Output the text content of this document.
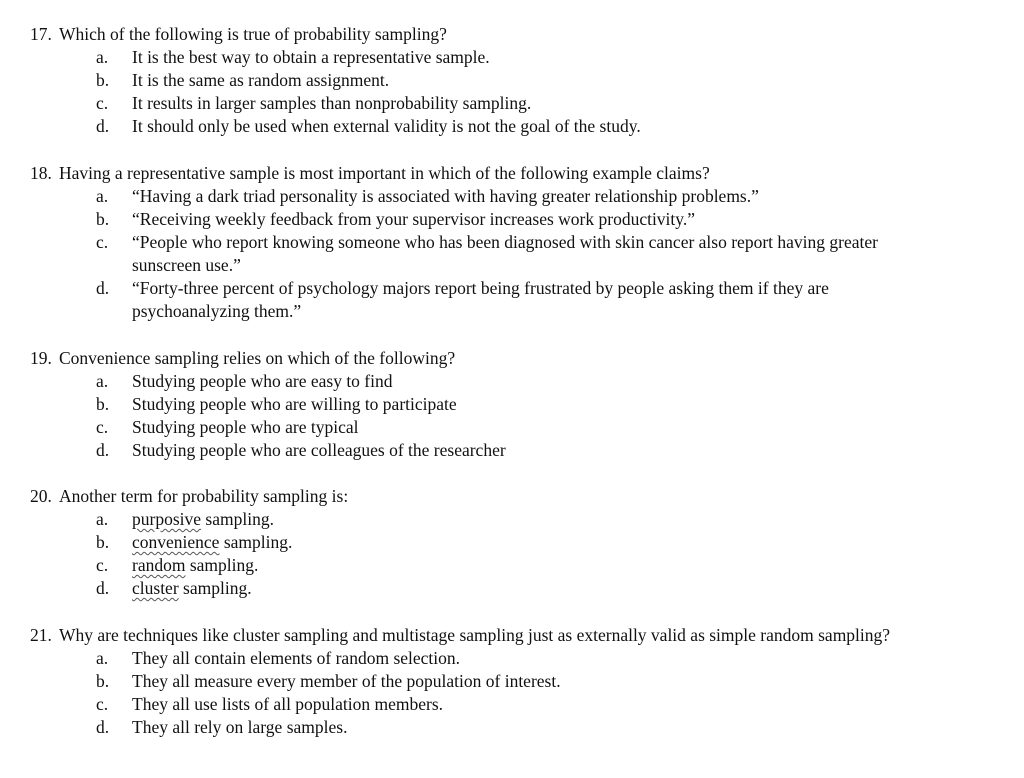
17. Which of the following is true of probability sampling?
a.	It is the best way to obtain a representative sample.
b.	It is the same as random assignment.
c.	It results in larger samples than nonprobability sampling.
d.	It should only be used when external validity is not the goal of the study.
18. Having a representative sample is most important in which of the following example claims?
a.	“Having a dark triad personality is associated with having greater relationship problems.”
b.	“Receiving weekly feedback from your supervisor increases work productivity.”
c.	“People who report knowing someone who has been diagnosed with skin cancer also report having greater sunscreen use.”
d.	“Forty-three percent of psychology majors report being frustrated by people asking them if they are psychoanalyzing them.”
19. Convenience sampling relies on which of the following?
a.	Studying people who are easy to find
b.	Studying people who are willing to participate
c.	Studying people who are typical
d.	Studying people who are colleagues of the researcher
20. Another term for probability sampling is:
a.	purposive sampling.
b.	convenience sampling.
c.	random sampling.
d.	cluster sampling.
21. Why are techniques like cluster sampling and multistage sampling just as externally valid as simple random sampling?
a.	They all contain elements of random selection.
b.	They all measure every member of the population of interest.
c.	They all use lists of all population members.
d.	They all rely on large samples.
